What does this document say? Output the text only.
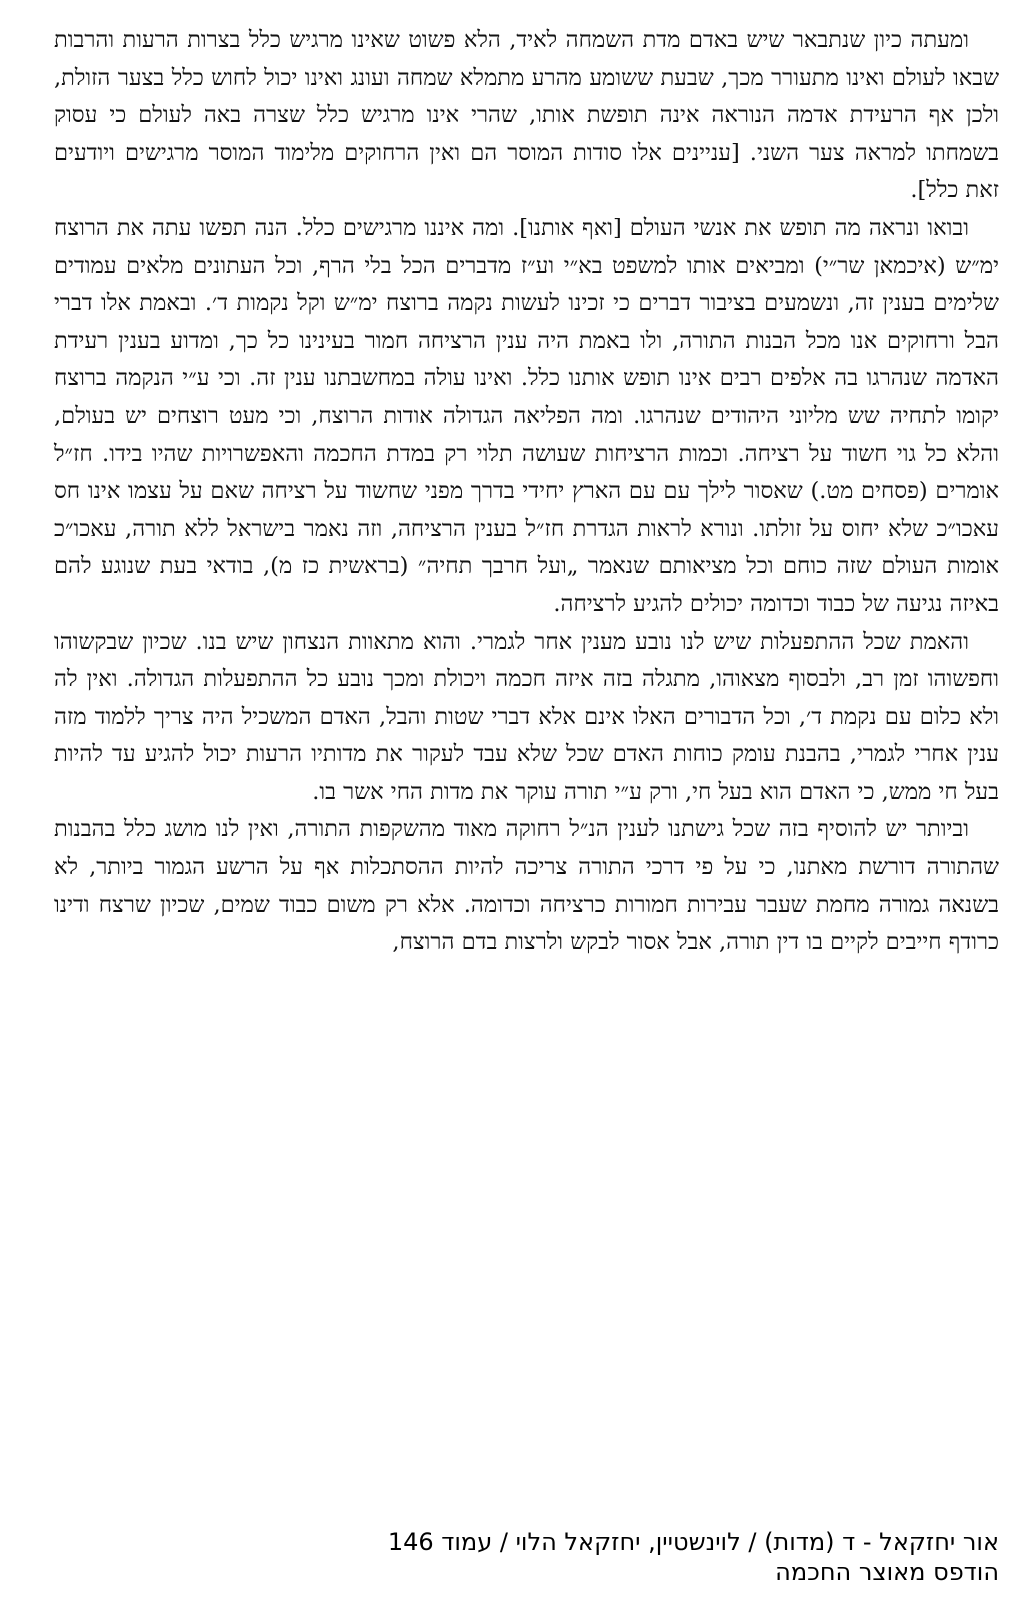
ומעתה כיון שנתבאר שיש באדם מדת השמחה לאיד, הלא פשוט שאינו מרגיש כלל בצרות הרעות והרבות שבאו לעולם ואינו מתעורר מכך, שבעת ששומע מהרע מתמלא שמחה ועונג ואינו יכול לחוש כלל בצער הזולת, ולכן אף הרעידת אדמה הנוראה אינה תופשת אותו, שהרי אינו מרגיש כלל שצרה באה לעולם כי עסוק בשמחתו למראה צער השני. [עניינים אלו סודות המוסר הם ואין הרחוקים מלימוד המוסר מרגישים ויודעים זאת כלל].

ובואו ונראה מה תופש את אנשי העולם [ואף אותנו]. ומה איננו מרגישים כלל. הנה תפשו עתה את הרוצח ימ״ש (איכמאן שר״י) ומביאים אותו למשפט בא״י וע״ז מדברים הכל בלי הרף, וכל העתונים מלאים עמודים שלימים בענין זה, ונשמעים בציבור דברים כי זכינו לעשות נקמה ברוצח ימ״ש וקל נקמות ד׳. ובאמת אלו דברי הבל ורחוקים אנו מכל הבנות התורה, ולו באמת היה ענין הרציחה חמור בעינינו כל כך, ומדוע בענין רעידת האדמה שנהרגו בה אלפים רבים אינו תופש אותנו כלל. ואינו עולה במחשבתנו ענין זה. וכי ע״י הנקמה ברוצח יקומו לתחיה שש מליוני היהודים שנהרגו. ומה הפליאה הגדולה אודות הרוצח, וכי מעט רוצחים יש בעולם, והלא כל גוי חשוד על רציחה. וכמות הרציחות שעושה תלוי רק במדת החכמה והאפשרויות שהיו בידו. חז״ל אומרים (פסחים מט.) שאסור לילך עם עם הארץ יחידי בדרך מפני שחשוד על רציחה שאם על עצמו אינו חס עאכו״כ שלא יחוס על זולתו. ונורא לראות הגדרת חז״ל בענין הרציחה, וזה נאמר בישראל ללא תורה, עאכו״כ אומות העולם שזה כוחם וכל מציאותם שנאמר „ועל חרבך תחיה״ (בראשית כז מ), בודאי בעת שנוגע להם באיזה נגיעה של כבוד וכדומה יכולים להגיע לרציחה.

והאמת שכל ההתפעלות שיש לנו נובע מענין אחר לגמרי. והוא מתאוות הנצחון שיש בנו. שכיון שבקשוהו וחפשוהו זמן רב, ולבסוף מצאוהו, מתגלה בזה איזה חכמה ויכולת ומכך נובע כל ההתפעלות הגדולה. ואין לה ולא כלום עם נקמת ד׳, וכל הדבורים האלו אינם אלא דברי שטות והבל, האדם המשכיל היה צריך ללמוד מזה ענין אחרי לגמרי, בהבנת עומק כוחות האדם שכל שלא עבד לעקור את מדותיו הרעות יכול להגיע עד להיות בעל חי ממש, כי האדם הוא בעל חי, ורק ע״י תורה עוקר את מדות החי אשר בו.

וביותר יש להוסיף בזה שכל גישתנו לענין הנ״ל רחוקה מאוד מהשקפות התורה, ואין לנו מושג כלל בהבנות שהתורה דורשת מאתנו, כי על פי דרכי התורה צריכה להיות ההסתכלות אף על הרשע הגמור ביותר, לא בשנאה גמורה מחמת שעבר עבירות חמורות כרציחה וכדומה. אלא רק משום כבוד שמים, שכיון שרצח ודינו כרודף חייבים לקיים בו דין תורה, אבל אסור לבקש ולרצות בדם הרוצח,

אור יחזקאל - ד (מדות) / לוינשטיין, יחזקאל הלוי / עמוד 146
הודפס מאוצר החכמה
